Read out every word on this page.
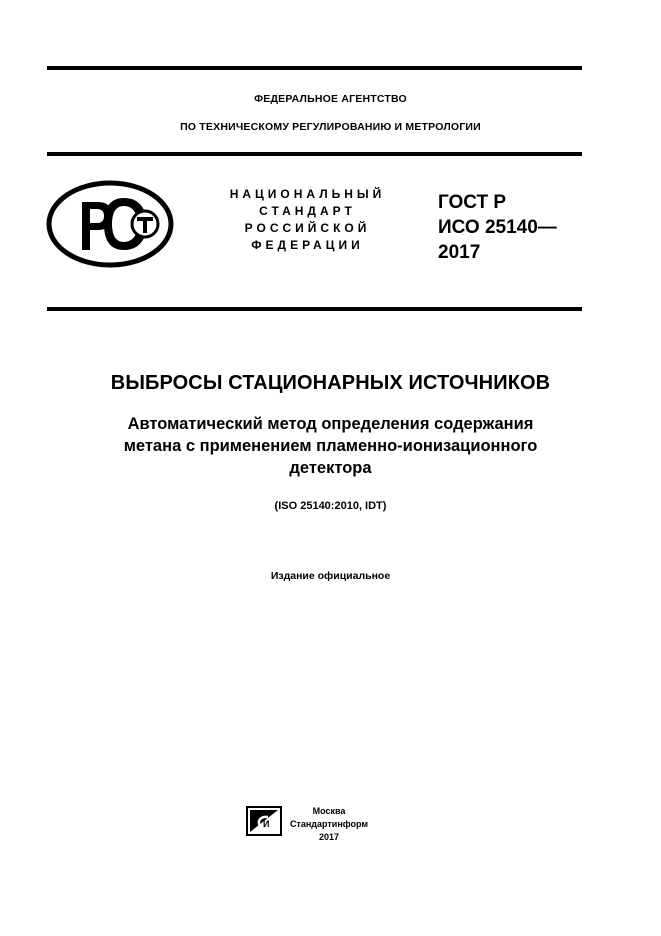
ФЕДЕРАЛЬНОЕ АГЕНТСТВО
ПО ТЕХНИЧЕСКОМУ РЕГУЛИРОВАНИЮ И МЕТРОЛОГИИ
НАЦИОНАЛЬНЫЙ
СТАНДАРТ
РОССИЙСКОЙ
ФЕДЕРАЦИИ
ГОСТ Р
ИСО 25140—
2017
ВЫБРОСЫ СТАЦИОНАРНЫХ ИСТОЧНИКОВ
Автоматический метод определения содержания
метана с применением пламенно-ионизационного
детектора
(ISO 25140:2010, IDT)
Издание официальное
И
Москва
Стандартинформ
2017
